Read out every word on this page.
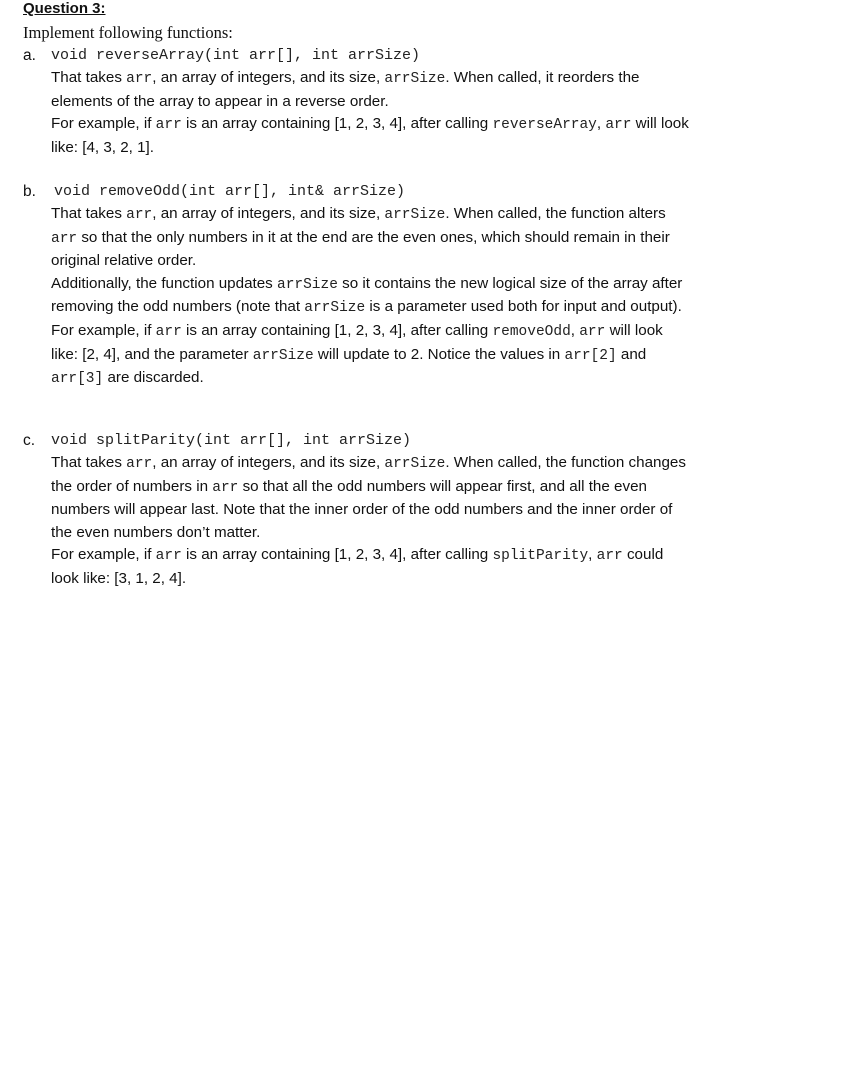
Question 3:
Implement following functions:
a. void reverseArray(int arr[], int arrSize)

That takes arr, an array of integers, and its size, arrSize. When called, it reorders the elements of the array to appear in a reverse order.

For example, if arr is an array containing [1, 2, 3, 4], after calling reverseArray, arr will look like: [4, 3, 2, 1].

b. void removeOdd(int arr[], int& arrSize)

That takes arr, an array of integers, and its size, arrSize. When called, the function alters arr so that the only numbers in it at the end are the even ones, which should remain in their original relative order.

Additionally, the function updates arrSize so it contains the new logical size of the array after removing the odd numbers (note that arrSize is a parameter used both for input and output).

For example, if arr is an array containing [1, 2, 3, 4], after calling removeOdd, arr will look like: [2, 4], and the parameter arrSize will update to 2. Notice the values in arr[2] and arr[3] are discarded.

c. void splitParity(int arr[], int arrSize)

That takes arr, an array of integers, and its size, arrSize. When called, the function changes the order of numbers in arr so that all the odd numbers will appear first, and all the even numbers will appear last. Note that the inner order of the odd numbers and the inner order of the even numbers don’t matter.

For example, if arr is an array containing [1, 2, 3, 4], after calling splitParity, arr could look like: [3, 1, 2, 4].
